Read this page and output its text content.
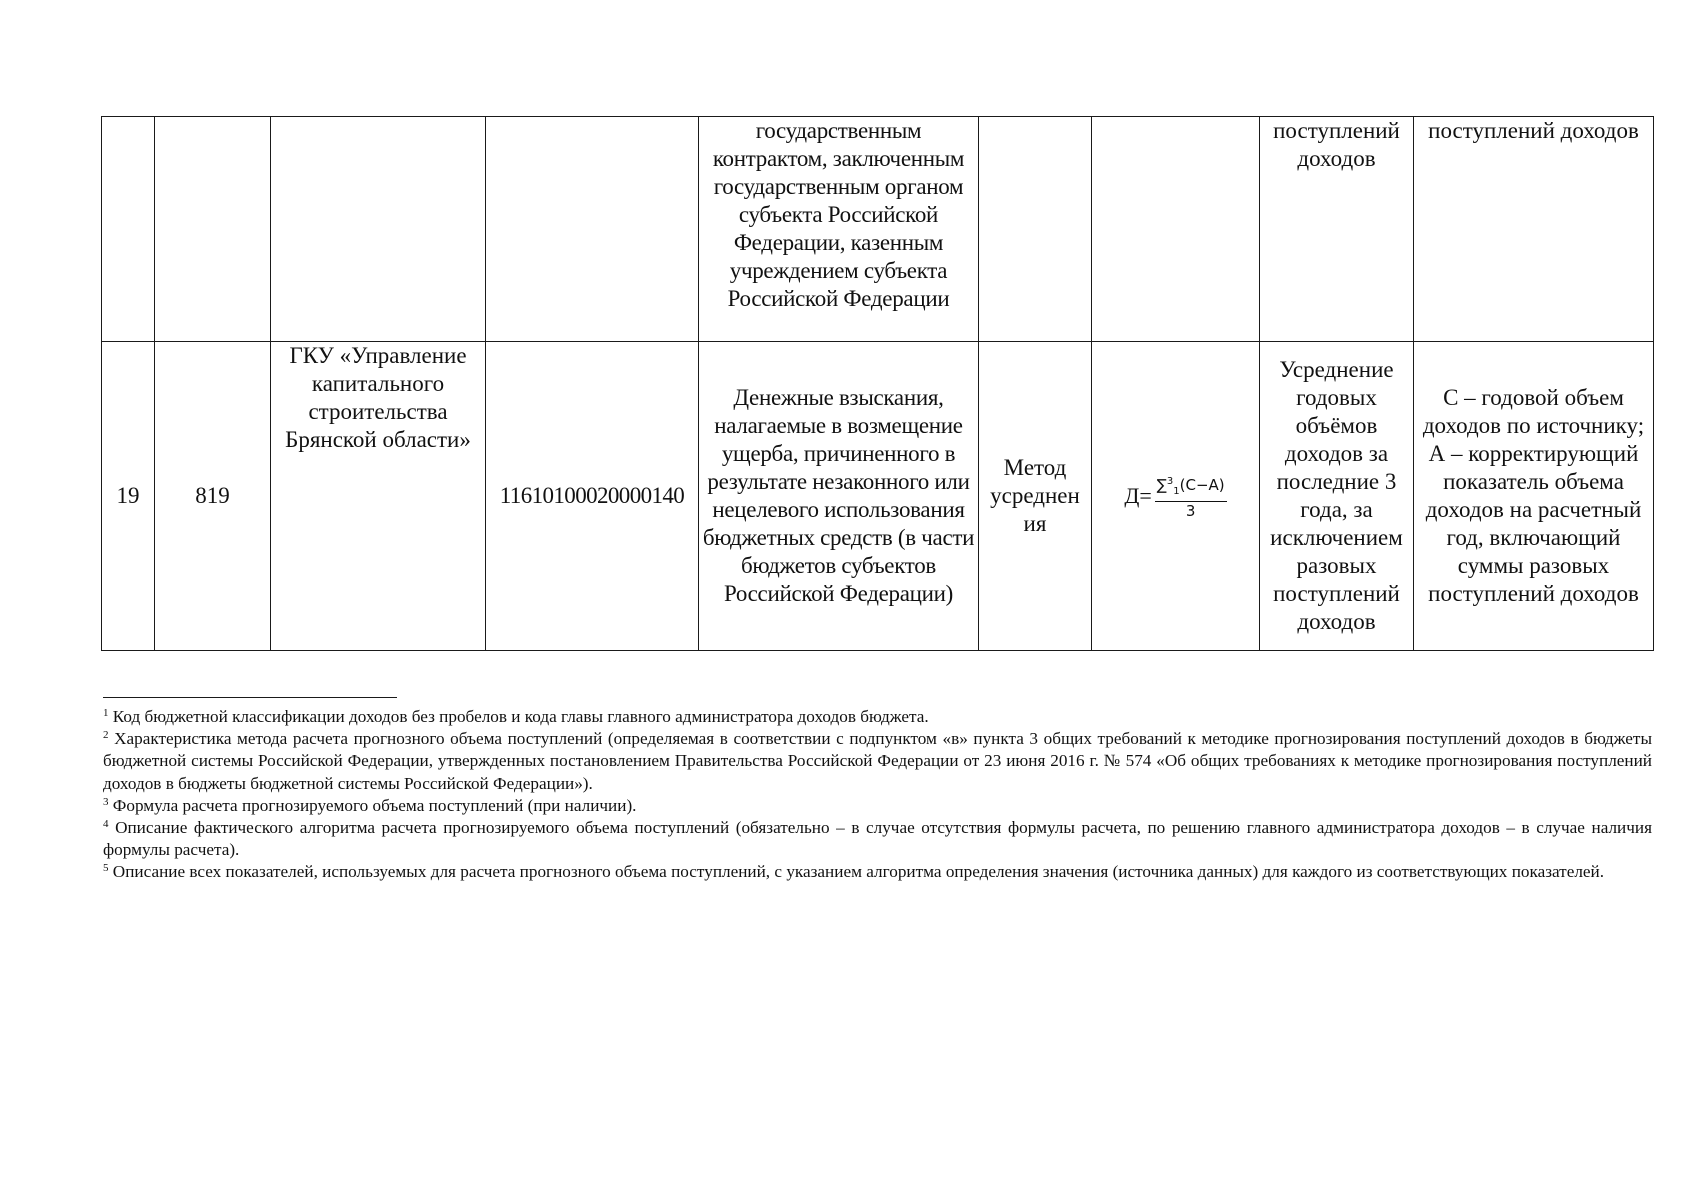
				государственным контрактом, заключенным государственным органом субъекта Российской Федерации, казенным учреждением субъекта Российской Федерации			поступлений доходов	поступлений доходов
19	819	ГКУ «Управление капитального строительства Брянской области»	11610100020000140	Денежные взыскания, налагаемые в возмещение ущерба, причиненного в результате незаконного или нецелевого использования бюджетных средств (в части бюджетов субъектов Российской Федерации)	Метод усреднен ия	$Д= \frac{\sum^3_1(C-A)}{3}$	Усреднение годовых объёмов доходов за последние 3 года, за исключением разовых поступлений доходов	С – годовой объем доходов по источнику; А – корректирующий показатель объема доходов на расчетный год, включающий суммы разовых поступлений доходов

$^1$ Код бюджетной классификации доходов без пробелов и кода главы главного администратора доходов бюджета.

$^2$ Характеристика метода расчета прогнозного объема поступлений (определяемая в соответствии с подпунктом «в» пункта 3 общих требований к методике прогнозирования поступлений доходов в бюджеты бюджетной системы Российской Федерации, утвержденных постановлением Правительства Российской Федерации от 23 июня 2016 г. № 574 «Об общих требованиях к методике прогнозирования поступлений доходов в бюджеты бюджетной системы Российской Федерации»).

$^3$ Формула расчета прогнозируемого объема поступлений (при наличии).

$^4$ Описание фактического алгоритма расчета прогнозируемого объема поступлений (обязательно – в случае отсутствия формулы расчета, по решению главного администратора доходов – в случае наличия формулы расчета).

$^5$ Описание всех показателей, используемых для расчета прогнозного объема поступлений, с указанием алгоритма определения значения (источника данных) для каждого из соответствующих показателей.
